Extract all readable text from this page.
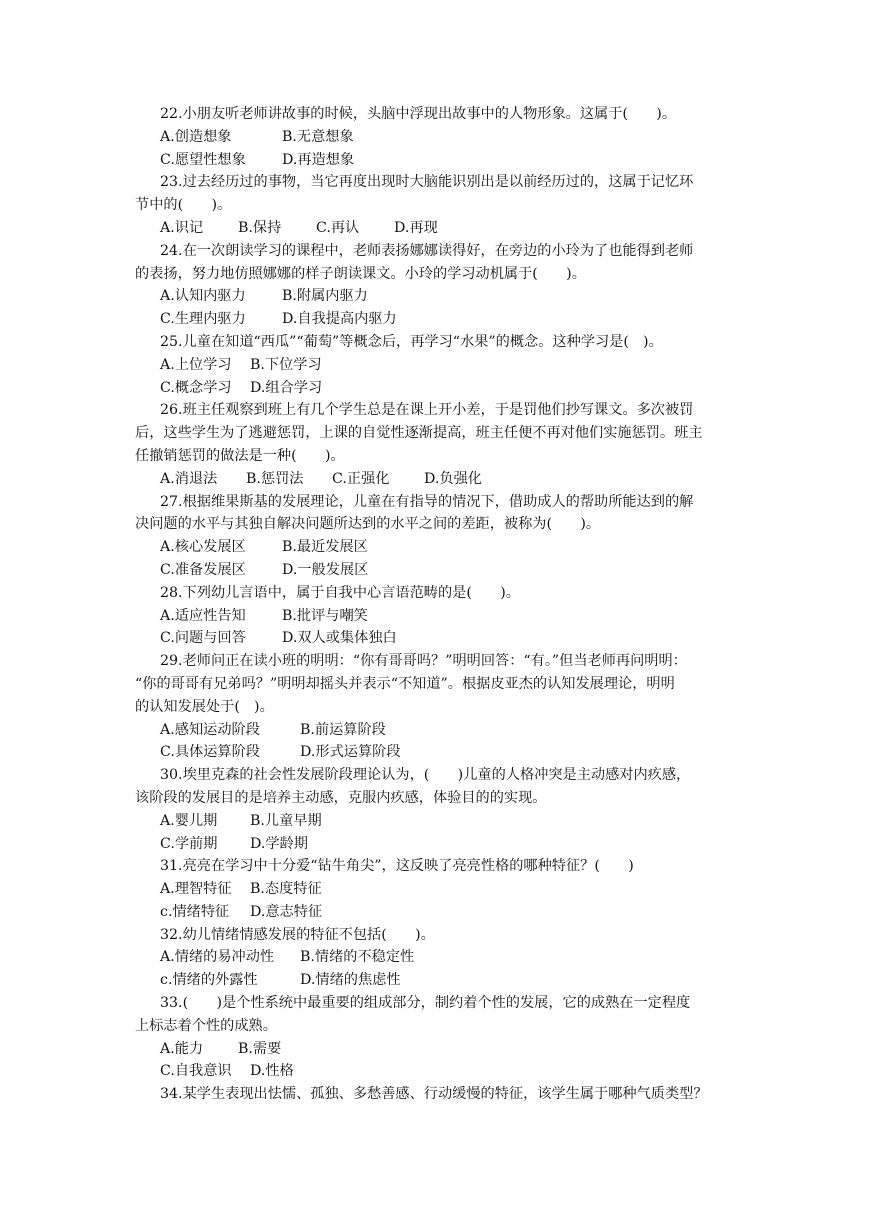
22.小朋友听老师讲故事的时候，头脑中浮现出故事中的人物形象。这属于(　　)。

A.创造想象	B.无意想象

C.愿望性想象	D.再造想象

23.过去经历过的事物，当它再度出现时大脑能识别出是以前经历过的，这属于记忆环

节中的(　　)。

A.识记 B.保持 C.再认 D.再现

24.在一次朗读学习的课程中，老师表扬娜娜读得好，在旁边的小玲为了也能得到老师

的表扬，努力地仿照娜娜的样子朗读课文。小玲的学习动机属于(　　)。

A.认知内驱力	B.附属内驱力

C.生理内驱力	D.自我提高内驱力

25.儿童在知道“西瓜”“葡萄”等概念后，再学习“水果”的概念。这种学习是(　)。

A.上位学习 B.下位学习

C.概念学习 D.组合学习

26.班主任观察到班上有几个学生总是在课上开小差，于是罚他们抄写课文。多次被罚

后，这些学生为了逃避惩罚，上课的自觉性逐渐提高，班主任便不再对他们实施惩罚。班主

任撤销惩罚的做法是一种(　　)。

A.消退法 B.惩罚法 C.正强化 D.负强化

27.根据维果斯基的发展理论，儿童在有指导的情况下，借助成人的帮助所能达到的解

决问题的水平与其独自解决问题所达到的水平之间的差距，被称为(　　)。

A.核心发展区	B.最近发展区

C.准备发展区	D.一般发展区

28.下列幼儿言语中，属于自我中心言语范畴的是(　　)。

A.适应性告知	B.批评与嘲笑

C.问题与回答	D.双人或集体独白

29.老师问正在读小班的明明：“你有哥哥吗？”明明回答：“有。”但当老师再问明明：

“你的哥哥有兄弟吗？”明明却摇头并表示“不知道”。根据皮亚杰的认知发展理论，明明

的认知发展处于(　)。

A.感知运动阶段	B.前运算阶段

C.具体运算阶段	D.形式运算阶段

30.埃里克森的社会性发展阶段理论认为，(　　)儿童的人格冲突是主动感对内疚感，

该阶段的发展目的是培养主动感，克服内疚感，体验目的的实现。

A.婴儿期 B.儿童早期

C.学前期 D.学龄期

31.亮亮在学习中十分爱“钻牛角尖”，这反映了亮亮性格的哪种特征？(　　)

A.理智特征 B.态度特征

c.情绪特征 D.意志特征

32.幼儿情绪情感发展的特征不包括(　　)。

A.情绪的易冲动性 B.情绪的不稳定性

c.情绪的外露性	D.情绪的焦虑性

33.(　　)是个性系统中最重要的组成部分，制约着个性的发展，它的成熟在一定程度

上标志着个性的成熟。

A.能力 B.需要

C.自我意识 D.性格

34.某学生表现出怯懦、孤独、多愁善感、行动缓慢的特征，该学生属于哪种气质类型？
